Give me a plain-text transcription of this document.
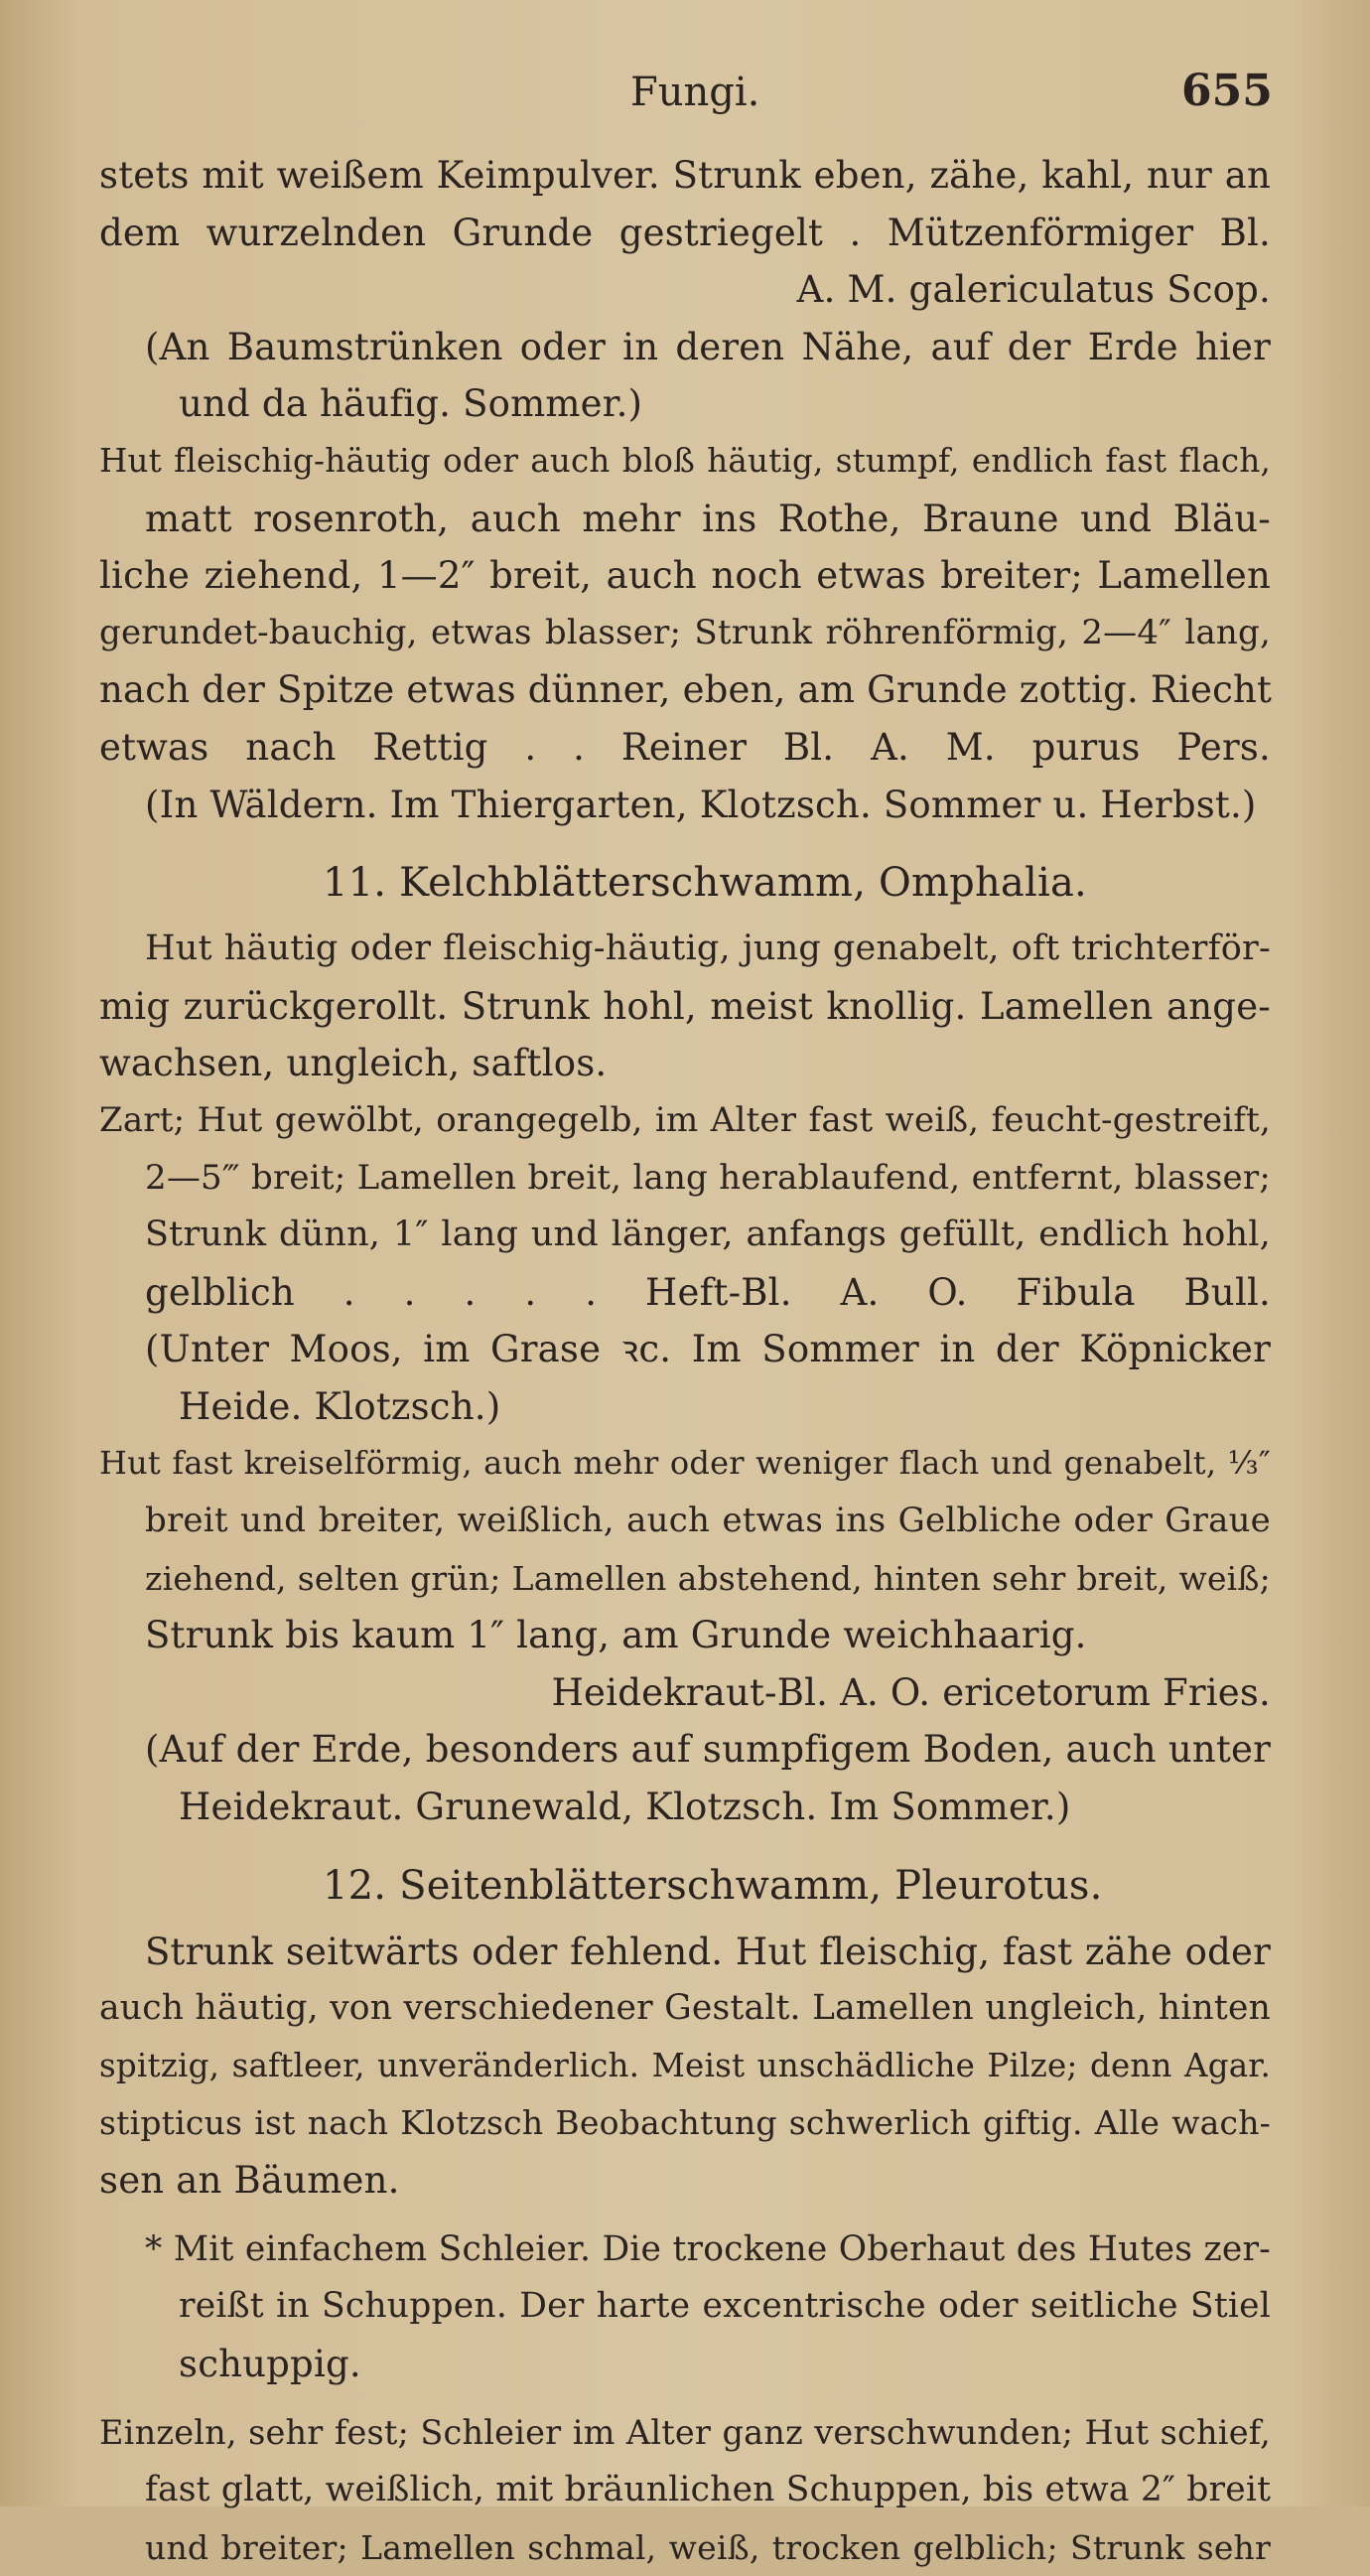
Fungi.	655

stets mit weißem Keimpulver. Strunk eben, zähe, kahl, nur an

dem wurzelnden Grunde gestriegelt . Mützenförmiger Bl.

A. M. galericulatus Scop.

(An Baumstrünken oder in deren Nähe, auf der Erde hier

und da häufig. Sommer.)

Hut fleischig-häutig oder auch bloß häutig, stumpf, endlich fast flach,

matt rosenroth, auch mehr ins Rothe, Braune und Bläu-

liche ziehend, 1—2″ breit, auch noch etwas breiter; Lamellen

gerundet-bauchig, etwas blasser; Strunk röhrenförmig, 2—4″ lang,

nach der Spitze etwas dünner, eben, am Grunde zottig. Riecht

etwas nach Rettig . . Reiner Bl. A. M. purus Pers.

(In Wäldern. Im Thiergarten, Klotzsch. Sommer u. Herbst.)

11. Kelchblätterschwamm, Omphalia.

Hut häutig oder fleischig-häutig, jung genabelt, oft trichterför-

mig zurückgerollt. Strunk hohl, meist knollig. Lamellen ange-

wachsen, ungleich, saftlos.

Zart; Hut gewölbt, orangegelb, im Alter fast weiß, feucht-gestreift,

2—5‴ breit; Lamellen breit, lang herablaufend, entfernt, blasser;

Strunk dünn, 1″ lang und länger, anfangs gefüllt, endlich hohl,

gelblich . . . . . Heft-Bl. A. O. Fibula Bull.

(Unter Moos, im Grase ꝛc. Im Sommer in der Köpnicker

Heide. Klotzsch.)

Hut fast kreiselförmig, auch mehr oder weniger flach und genabelt, ⅓″

breit und breiter, weißlich, auch etwas ins Gelbliche oder Graue

ziehend, selten grün; Lamellen abstehend, hinten sehr breit, weiß;

Strunk bis kaum 1″ lang, am Grunde weichhaarig.

Heidekraut-Bl. A. O. ericetorum Fries.

(Auf der Erde, besonders auf sumpfigem Boden, auch unter

Heidekraut. Grunewald, Klotzsch. Im Sommer.)

12. Seitenblätterschwamm, Pleurotus.

Strunk seitwärts oder fehlend. Hut fleischig, fast zähe oder

auch häutig, von verschiedener Gestalt. Lamellen ungleich, hinten

spitzig, saftleer, unveränderlich. Meist unschädliche Pilze; denn Agar.

stipticus ist nach Klotzsch Beobachtung schwerlich giftig. Alle wach-

sen an Bäumen.

* Mit einfachem Schleier. Die trockene Oberhaut des Hutes zer-

reißt in Schuppen. Der harte excentrische oder seitliche Stiel

schuppig.

Einzeln, sehr fest; Schleier im Alter ganz verschwunden; Hut schief,

fast glatt, weißlich, mit bräunlichen Schuppen, bis etwa 2″ breit

und breiter; Lamellen schmal, weiß, trocken gelblich; Strunk sehr
